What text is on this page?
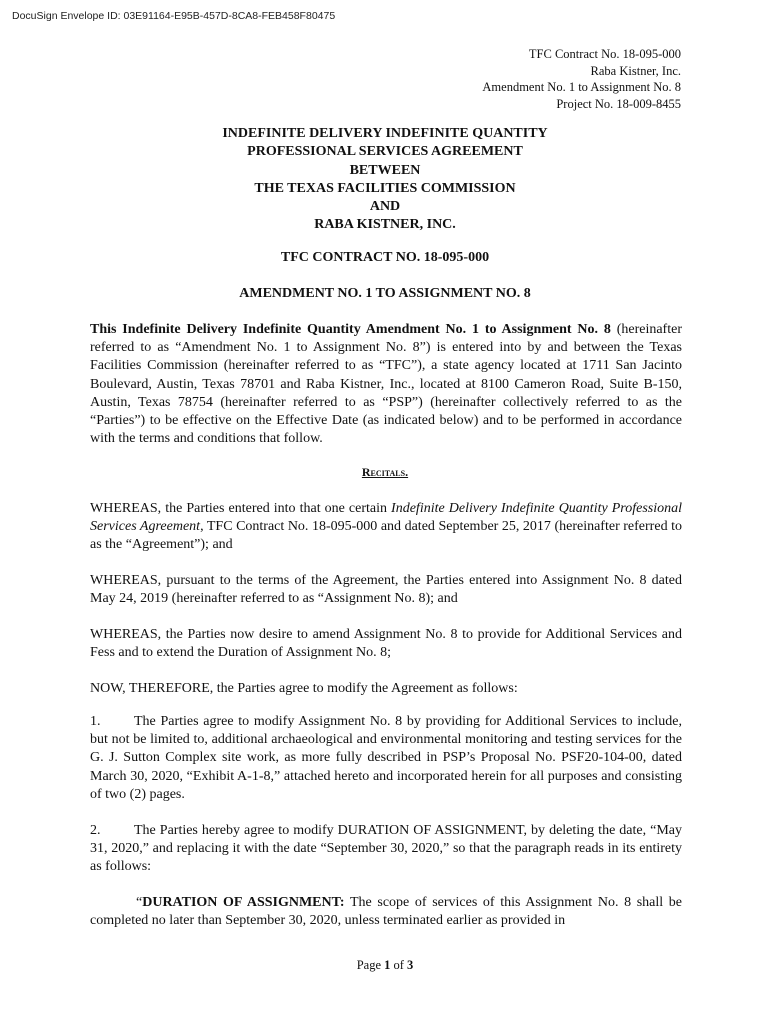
DocuSign Envelope ID: 03E91164-E95B-457D-8CA8-FEB458F80475
TFC Contract No. 18-095-000
Raba Kistner, Inc.
Amendment No. 1 to Assignment No. 8
Project No. 18-009-8455
INDEFINITE DELIVERY INDEFINITE QUANTITY
PROFESSIONAL SERVICES AGREEMENT
BETWEEN
THE TEXAS FACILITIES COMMISSION
AND
RABA KISTNER, INC.
TFC CONTRACT NO. 18-095-000
AMENDMENT NO. 1 TO ASSIGNMENT NO. 8
This Indefinite Delivery Indefinite Quantity Amendment No. 1 to Assignment No. 8 (hereinafter referred to as “Amendment No. 1 to Assignment No. 8”) is entered into by and between the Texas Facilities Commission (hereinafter referred to as “TFC”), a state agency located at 1711 San Jacinto Boulevard, Austin, Texas 78701 and Raba Kistner, Inc., located at 8100 Cameron Road, Suite B-150, Austin, Texas 78754 (hereinafter referred to as “PSP”) (hereinafter collectively referred to as the “Parties”) to be effective on the Effective Date (as indicated below) and to be performed in accordance with the terms and conditions that follow.
Recitals.
WHEREAS, the Parties entered into that one certain Indefinite Delivery Indefinite Quantity Professional Services Agreement, TFC Contract No. 18-095-000 and dated September 25, 2017 (hereinafter referred to as the “Agreement”); and
WHEREAS, pursuant to the terms of the Agreement, the Parties entered into Assignment No. 8 dated May 24, 2019 (hereinafter referred to as “Assignment No. 8); and
WHEREAS, the Parties now desire to amend Assignment No. 8 to provide for Additional Services and Fess and to extend the Duration of Assignment No. 8;
NOW, THEREFORE, the Parties agree to modify the Agreement as follows:
1. The Parties agree to modify Assignment No. 8 by providing for Additional Services to include, but not be limited to, additional archaeological and environmental monitoring and testing services for the G. J. Sutton Complex site work, as more fully described in PSP’s Proposal No. PSF20-104-00, dated March 30, 2020, “Exhibit A-1-8,” attached hereto and incorporated herein for all purposes and consisting of two (2) pages.
2. The Parties hereby agree to modify DURATION OF ASSIGNMENT, by deleting the date, “May 31, 2020,” and replacing it with the date “September 30, 2020,” so that the paragraph reads in its entirety as follows:
“DURATION OF ASSIGNMENT: The scope of services of this Assignment No. 8 shall be completed no later than September 30, 2020, unless terminated earlier as provided in
Page 1 of 3
